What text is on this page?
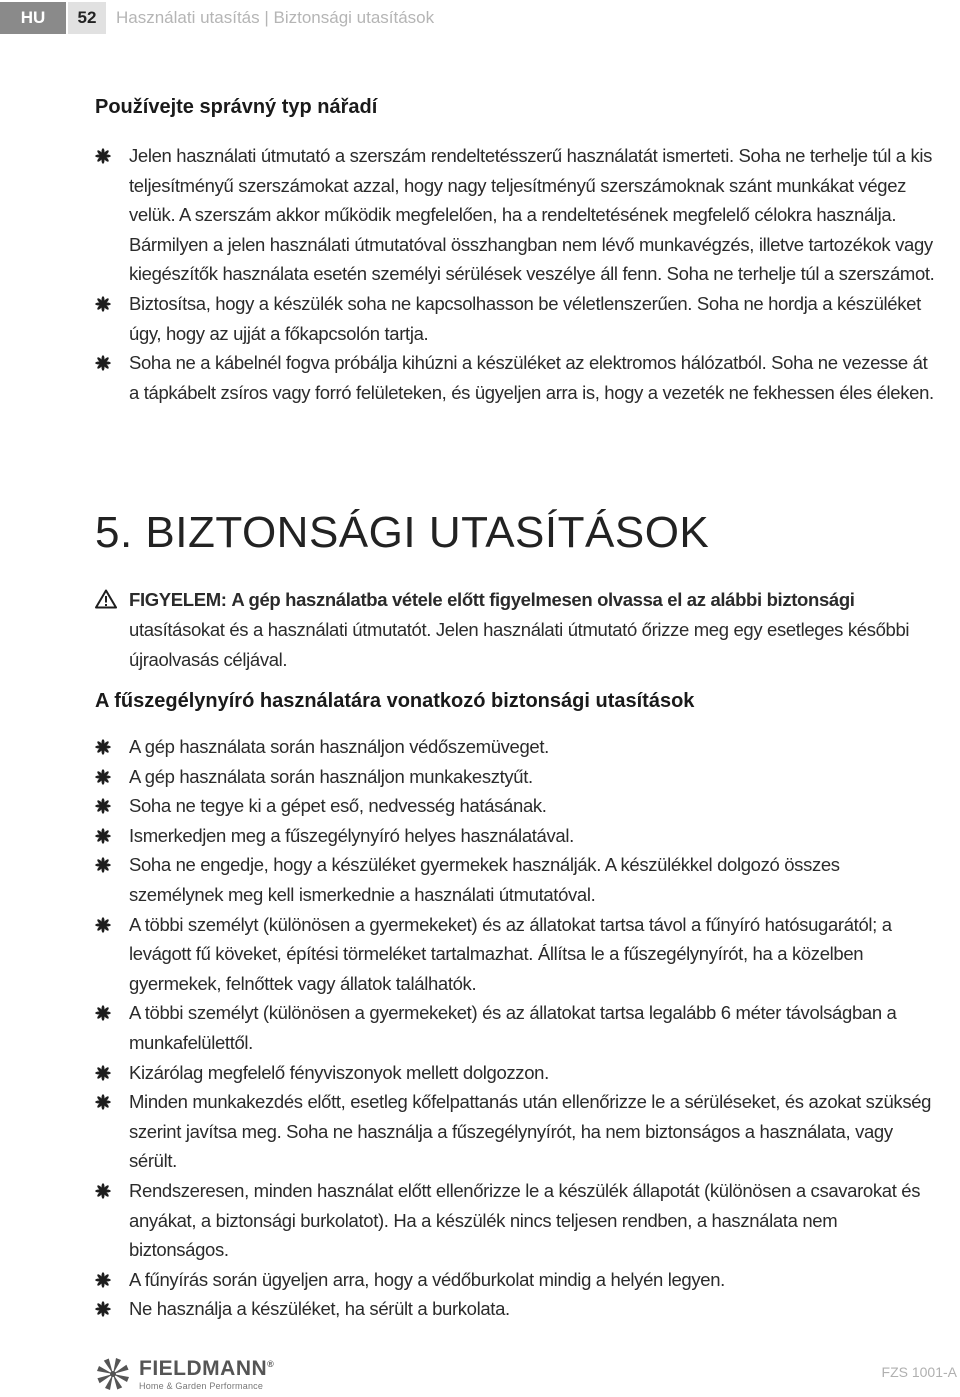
HU	52	Használati utasítás | Biztonsági utasítások
Používejte správný typ nářadí
Jelen használati útmutató a szerszám rendeltetésszerű használatát ismerteti. Soha ne terhelje túl a kis teljesítményű szerszámokat azzal, hogy nagy teljesítményű szerszámoknak szánt munkákat végez velük. A szerszám akkor működik megfelelően, ha a rendeltetésének megfelelő célokra használja. Bármilyen a jelen használati útmutatóval összhangban nem lévő munkavégzés, illetve tartozékok vagy kiegészítők használata esetén személyi sérülések veszélye áll fenn. Soha ne terhelje túl a szerszámot.
Biztosítsa, hogy a készülék soha ne kapcsolhasson be véletlenszerűen. Soha ne hordja a készüléket úgy, hogy az ujját a főkapcsolón tartja.
Soha ne a kábelnél fogva próbálja kihúzni a készüléket az elektromos hálózatból. Soha ne vezesse át a tápkábelt zsíros vagy forró felületeken, és ügyeljen arra is, hogy a vezeték ne fekhessen éles éleken.
5. BIZTONSÁGI UTASÍTÁSOK
FIGYELEM: A gép használatba vétele előtt figyelmesen olvassa el az alábbi biztonsági utasításokat és a használati útmutatót. Jelen használati útmutató őrizze meg egy esetleges későbbi újraolvasás céljával.
A fűszegélynyíró használatára vonatkozó biztonsági utasítások
A gép használata során használjon védőszemüveget.
A gép használata során használjon munkakesztyűt.
Soha ne tegye ki a gépet eső, nedvesség hatásának.
Ismerkedjen meg a fűszegélynyíró helyes használatával.
Soha ne engedje, hogy a készüléket gyermekek használják. A készülékkel dolgozó összes személynek meg kell ismerkednie a használati útmutatóval.
A többi személyt (különösen a gyermekeket) és az állatokat tartsa távol a fűnyíró hatósugarától; a levágott fű köveket, építési törmeléket tartalmazhat. Állítsa le a fűszegélynyírót, ha a közelben gyermekek, felnőttek vagy állatok találhatók.
A többi személyt (különösen a gyermekeket) és az állatokat tartsa legalább 6 méter távolságban a munkafelülettől.
Kizárólag megfelelő fényviszonyok mellett dolgozzon.
Minden munkakezdés előtt, esetleg kőfelpattanás után ellenőrizze le a sérüléseket, és azokat szükség szerint javítsa meg. Soha ne használja a fűszegélynyírót, ha nem biztonságos a használata, vagy sérült.
Rendszeresen, minden használat előtt ellenőrizze le a készülék állapotát (különösen a csavarokat és anyákat, a biztonsági burkolatot). Ha a készülék nincs teljesen rendben, a használata nem biztonságos.
A fűnyírás során ügyeljen arra, hogy a védőburkolat mindig a helyén legyen.
Ne használja a készüléket, ha sérült a burkolata.
FIELDMANN®
Home & Garden Performance
FZS 1001-A
